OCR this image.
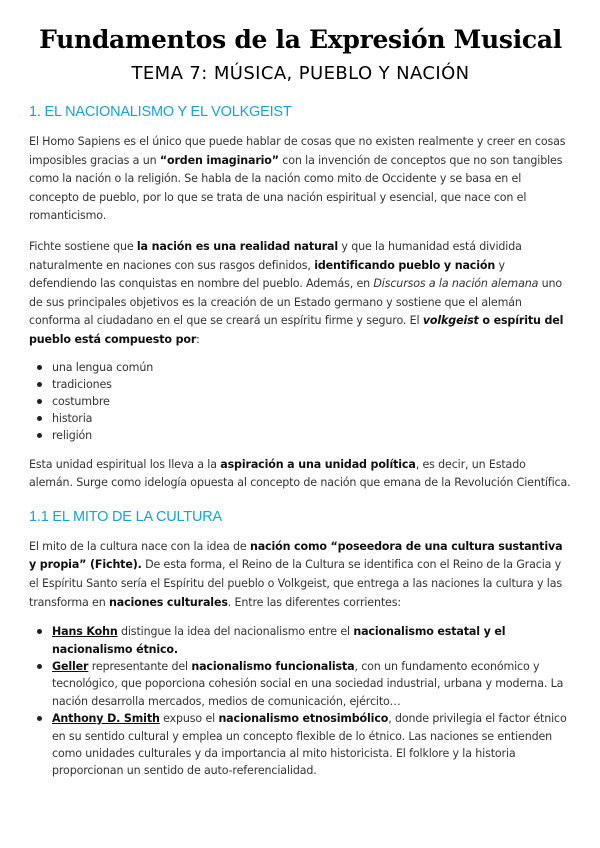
Fundamentos de la Expresión Musical
TEMA 7: MÚSICA, PUEBLO Y NACIÓN
1. EL NACIONALISMO Y EL VOLKGEIST

El Homo Sapiens es el único que puede hablar de cosas que no existen realmente y creer en cosas imposibles gracias a un “orden imaginario” con la invención de conceptos que no son tangibles como la nación o la religión. Se habla de la nación como mito de Occidente y se basa en el concepto de pueblo, por lo que se trata de una nación espiritual y esencial, que nace con el romanticismo.

Fichte sostiene que la nación es una realidad natural y que la humanidad está dividida naturalmente en naciones con sus rasgos definidos, identificando pueblo y nación y defendiendo las conquistas en nombre del pueblo. Además, en Discursos a la nación alemana uno de sus principales objetivos es la creación de un Estado germano y sostiene que el alemán conforma al ciudadano en el que se creará un espíritu firme y seguro. El volkgeist o espíritu del pueblo está compuesto por:

una lengua común
tradiciones
costumbre
historia
religión

Esta unidad espiritual los lleva a la aspiración a una unidad política, es decir, un Estado alemán. Surge como idelogía opuesta al concepto de nación que emana de la Revolución Científica.

1.1 EL MITO DE LA CULTURA

El mito de la cultura nace con la idea de nación como “poseedora de una cultura sustantiva y propia” (Fichte). De esta forma, el Reino de la Cultura se identifica con el Reino de la Gracia y el Espíritu Santo sería el Espíritu del pueblo o Volkgeist, que entrega a las naciones la cultura y las transforma en naciones culturales. Entre las diferentes corrientes:

Hans Kohn distingue la idea del nacionalismo entre el nacionalismo estatal y el nacionalismo étnico.
Geller representante del nacionalismo funcionalista, con un fundamento económico y tecnológico, que poporciona cohesión social en una sociedad industrial, urbana y moderna. La nación desarrolla mercados, medios de comunicación, ejército…
Anthony D. Smith expuso el nacionalismo etnosimbólico, donde privilegia el factor étnico en su sentido cultural y emplea un concepto flexible de lo étnico. Las naciones se entienden como unidades culturales y da importancia al mito historicista. El folklore y la historia proporcionan un sentido de auto-referencialidad.
